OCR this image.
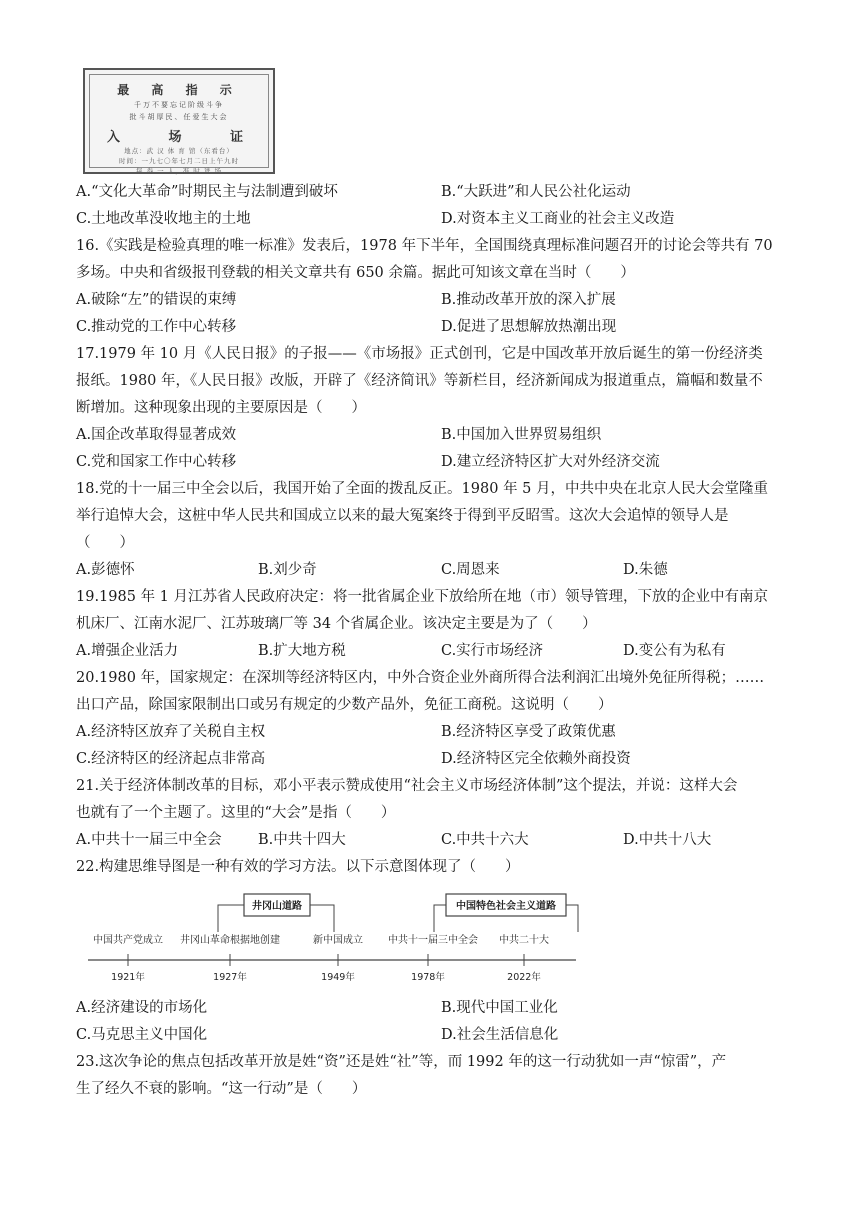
最 高 指 示
千万不要忘记阶级斗争
批斗胡厚民、任爱生大会
入 场 证
地点：武 汉 体 育 馆（东看台）
时间：一九七〇年七月二日上午九时
每 券 一 人，准 时 进 场
A.“文化大革命”时期民主与法制遭到破坏	B.“大跃进”和人民公社化运动
C.土地改革没收地主的土地	D.对资本主义工商业的社会主义改造
16.《实践是检验真理的唯一标准》发表后，1978 年下半年，全国围绕真理标准问题召开的讨论会等共有 70
多场。中央和省级报刊登载的相关文章共有 650 余篇。据此可知该文章在当时（　　）
A.破除“左”的错误的束缚	B.推动改革开放的深入扩展
C.推动党的工作中心转移	D.促进了思想解放热潮出现
17.1979 年 10 月《人民日报》的子报——《市场报》正式创刊，它是中国改革开放后诞生的第一份经济类
报纸。1980 年，《人民日报》改版，开辟了《经济简讯》等新栏目，经济新闻成为报道重点，篇幅和数量不
断增加。这种现象出现的主要原因是（　　）
A.国企改革取得显著成效	B.中国加入世界贸易组织
C.党和国家工作中心转移	D.建立经济特区扩大对外经济交流
18.党的十一届三中全会以后，我国开始了全面的拨乱反正。1980 年 5 月，中共中央在北京人民大会堂隆重
举行追悼大会，这桩中华人民共和国成立以来的最大冤案终于得到平反昭雪。这次大会追悼的领导人是
（　　）
A.彭德怀	B.刘少奇	C.周恩来	D.朱德
19.1985 年 1 月江苏省人民政府决定：将一批省属企业下放给所在地（市）领导管理，下放的企业中有南京
机床厂、江南水泥厂、江苏玻璃厂等 34 个省属企业。该决定主要是为了（　　）
A.增强企业活力	B.扩大地方税	C.实行市场经济	D.变公有为私有
20.1980 年，国家规定：在深圳等经济特区内，中外合资企业外商所得合法利润汇出境外免征所得税；……
出口产品，除国家限制出口或另有规定的少数产品外，免征工商税。这说明（　　）
A.经济特区放弃了关税自主权	B.经济特区享受了政策优惠
C.经济特区的经济起点非常高	D.经济特区完全依赖外商投资
21.关于经济体制改革的目标，邓小平表示赞成使用“社会主义市场经济体制”这个提法，并说：这样大会
也就有了一个主题了。这里的“大会”是指（　　）
A.中共十一届三中全会	B.中共十四大	C.中共十六大	D.中共十八大
22.构建思维导图是一种有效的学习方法。以下示意图体现了（　　）
井冈山道路	中国特色社会主义道路
中国共产党成立 井冈山革命根据地创建	新中国成立	中共十一届三中全会 中共二十大
1921年	1927年	1949年	1978年	2022年
A.经济建设的市场化	B.现代中国工业化
C.马克思主义中国化	D.社会生活信息化
23.这次争论的焦点包括改革开放是姓“资”还是姓“社”等，而 1992 年的这一行动犹如一声“惊雷”，产
生了经久不衰的影响。“这一行动”是（　　）
